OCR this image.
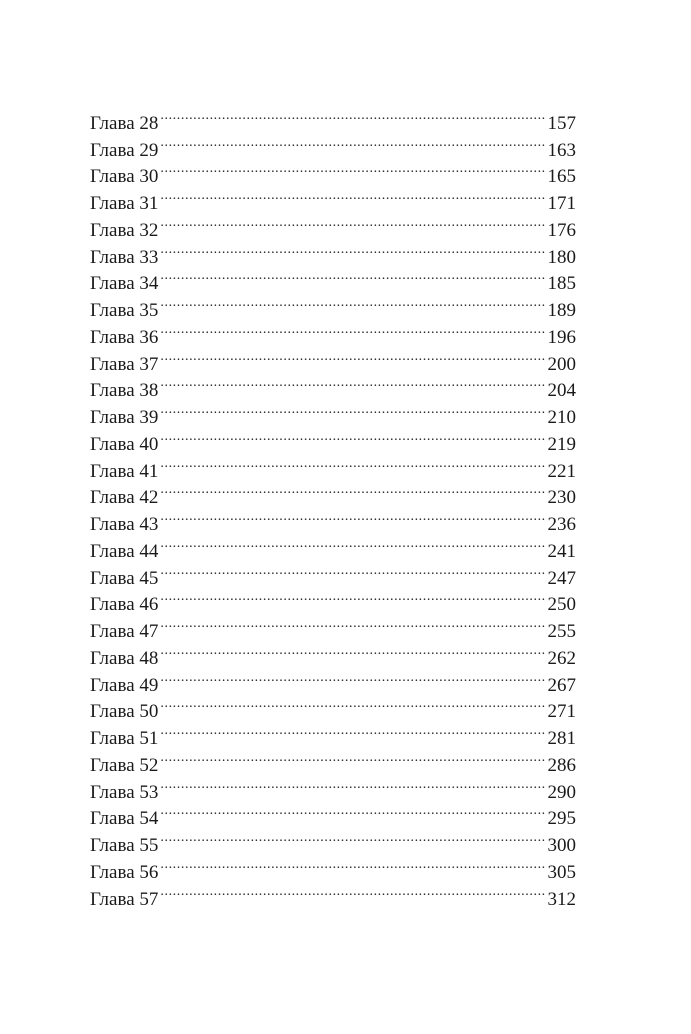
Глава 28 .....	157
Глава 29 .....	163
Глава 30 .....	165
Глава 31 .....	171
Глава 32 .....	176
Глава 33 .....	180
Глава 34 .....	185
Глава 35 .....	189
Глава 36 .....	196
Глава 37 .....	200
Глава 38 .....	204
Глава 39 .....	210
Глава 40 .....	219
Глава 41 .....	221
Глава 42 .....	230
Глава 43 .....	236
Глава 44 .....	241
Глава 45 .....	247
Глава 46 .....	250
Глава 47 .....	255
Глава 48 .....	262
Глава 49 .....	267
Глава 50 .....	271
Глава 51 .....	281
Глава 52 .....	286
Глава 53 .....	290
Глава 54 .....	295
Глава 55 .....	300
Глава 56 .....	305
Глава 57 .....	312
